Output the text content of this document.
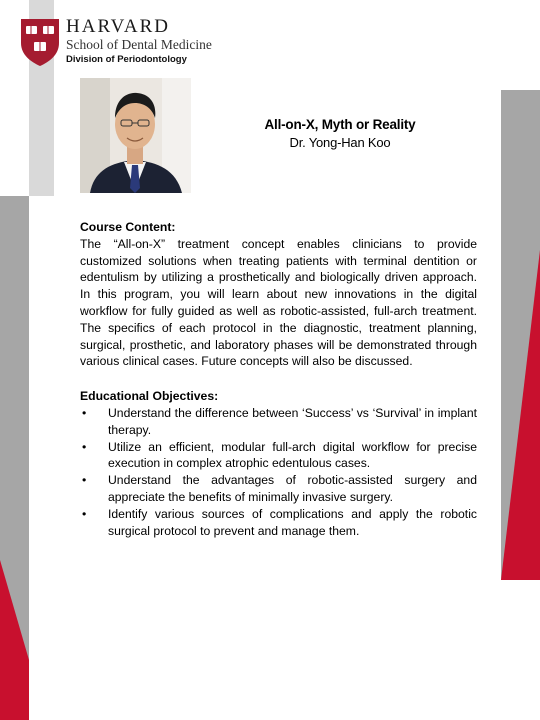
HARVARD
School of Dental Medicine
Division of Periodontology
All-on-X, Myth or Reality
Dr. Yong-Han Koo
Course Content:

The “All-on-X” treatment concept enables clinicians to provide customized solutions when treating patients with terminal dentition or edentulism by utilizing a prosthetically and biologically driven approach. In this program, you will learn about new innovations in the digital workflow for fully guided as well as robotic-assisted, full-arch treatment. The specifics of each protocol in the diagnostic, treatment planning, surgical, prosthetic, and laboratory phases will be demonstrated through various clinical cases. Future concepts will also be discussed.

Educational Objectives:
• Understand the difference between ‘Success’ vs ‘Survival’ in implant therapy.
• Utilize an efficient, modular full-arch digital workflow for precise execution in complex atrophic edentulous cases.
• Understand the advantages of robotic-assisted surgery and appreciate the benefits of minimally invasive surgery.
• Identify various sources of complications and apply the robotic surgical protocol to prevent and manage them.
